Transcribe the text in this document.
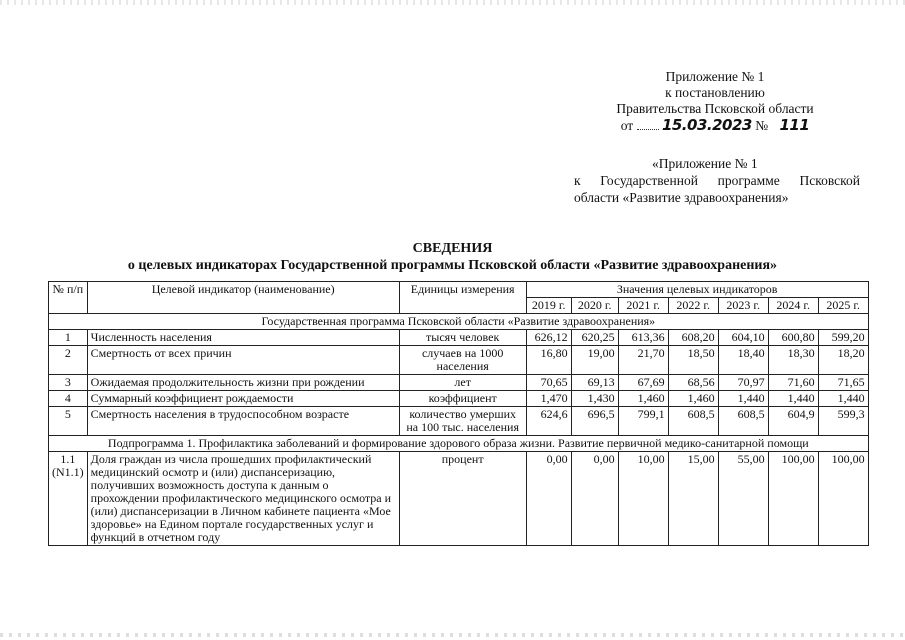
Приложение № 1
к постановлению
Правительства Псковской области
от 15.03.2023 № 111
«Приложение № 1
к Государственной программе Псковской
области «Развитие здравоохранения»
СВЕДЕНИЯ
о целевых индикаторах Государственной программы Псковской области «Развитие здравоохранения»
№ п/п	Целевой индикатор (наименование)	Единицы измерения	Значения целевых индикаторов						
			2019 г.	2020 г.	2021 г.	2022 г.	2023 г.	2024 г.	2025 г.
Государственная программа Псковской области «Развитие здравоохранения»									
1	Численность населения	тысяч человек	626,12	620,25	613,36	608,20	604,10	600,80	599,20
2	Смертность от всех причин	случаев на 1000 населения	16,80	19,00	21,70	18,50	18,40	18,30	18,20
3	Ожидаемая продолжительность жизни при рождении	лет	70,65	69,13	67,69	68,56	70,97	71,60	71,65
4	Суммарный коэффициент рождаемости	коэффициент	1,470	1,430	1,460	1,460	1,440	1,440	1,440
5	Смертность населения в трудоспособном возрасте	количество умерших на 100 тыс. населения	624,6	696,5	799,1	608,5	608,5	604,9	599,3
Подпрограмма 1. Профилактика заболеваний и формирование здорового образа жизни. Развитие первичной медико-санитарной помощи									
1.1 (N1.1)	Доля граждан из числа прошедших профилактический медицинский осмотр и (или) диспансеризацию, получивших возможность доступа к данным о прохождении профилактического медицинского осмотра и (или) диспансеризации в Личном кабинете пациента «Мое здоровье» на Едином портале государственных услуг и функций в отчетном году	процент	0,00	0,00	10,00	15,00	55,00	100,00	100,00
